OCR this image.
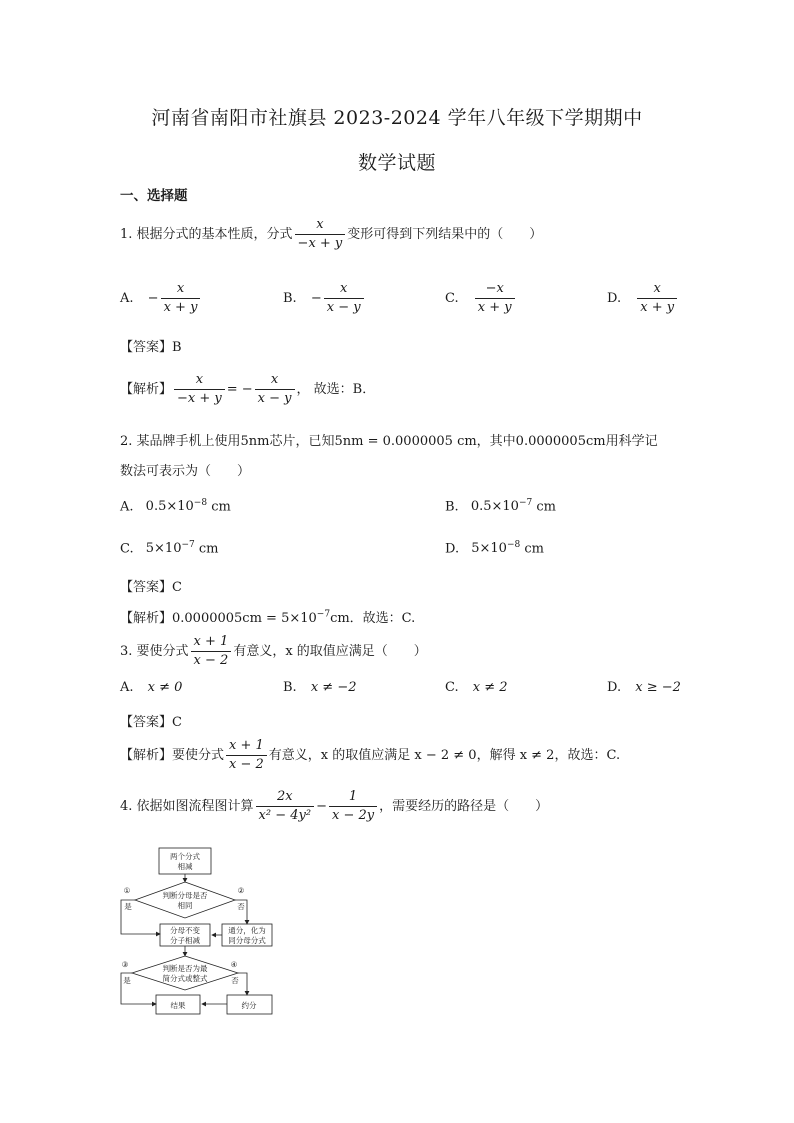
河南省南阳市社旗县 2023-2024 学年八年级下学期期中
数学试题
一、选择题
1. 根据分式的基本性质，分式 $\frac{x}{-x + y}$ 变形可得到下列结果中的（　　）
A. − $\frac{x}{x + y}$	B. − $\frac{x}{x - y}$	C. $\frac{-x}{x + y}$	D. $\frac{x}{x + y}$
【答案】B
【解析】 $\frac{x}{-x + y}$ = − $\frac{x}{x - y}$ ， 故选：B．
2. 某品牌手机上使用5nm芯片，已知5nm = 0.0000005 cm，其中0.0000005cm用科学记
数法可表示为（　　）
A. $0.5\times 10^{-8}$ cm	B. $0.5\times 10^{-7}$ cm
C. $5\times 10^{-7}$ cm	D. $5\times 10^{-8}$ cm
【答案】C
【解析】$0.0000005cm = 5\times 10^{-7}cm$．故选：C.
3. 要使分式 $\frac{x + 1}{x - 2}$ 有意义，x 的取值应满足（　　）
A. x ≠ 0	B. x ≠ −2	C. x ≠ 2	D. x ≥ −2
【答案】C
【解析】要使分式 $\frac{x + 1}{x - 2}$ 有意义，x 的取值应满足 x − 2 ≠ 0，解得 x ≠ 2，故选：C.
4. 依据如图流程图计算 $\frac{2x}{\text{x² − 4y²}} - \frac{1}{x - 2y}$ ，需要经历的路径是（　　）
两个分式
相减
判断分母是否
相同
①
是
②
否
分母不变
分子相减
通分，化为
同分母分式
判断是否为最
简分式或整式
③
是
④
否
结果	约分
